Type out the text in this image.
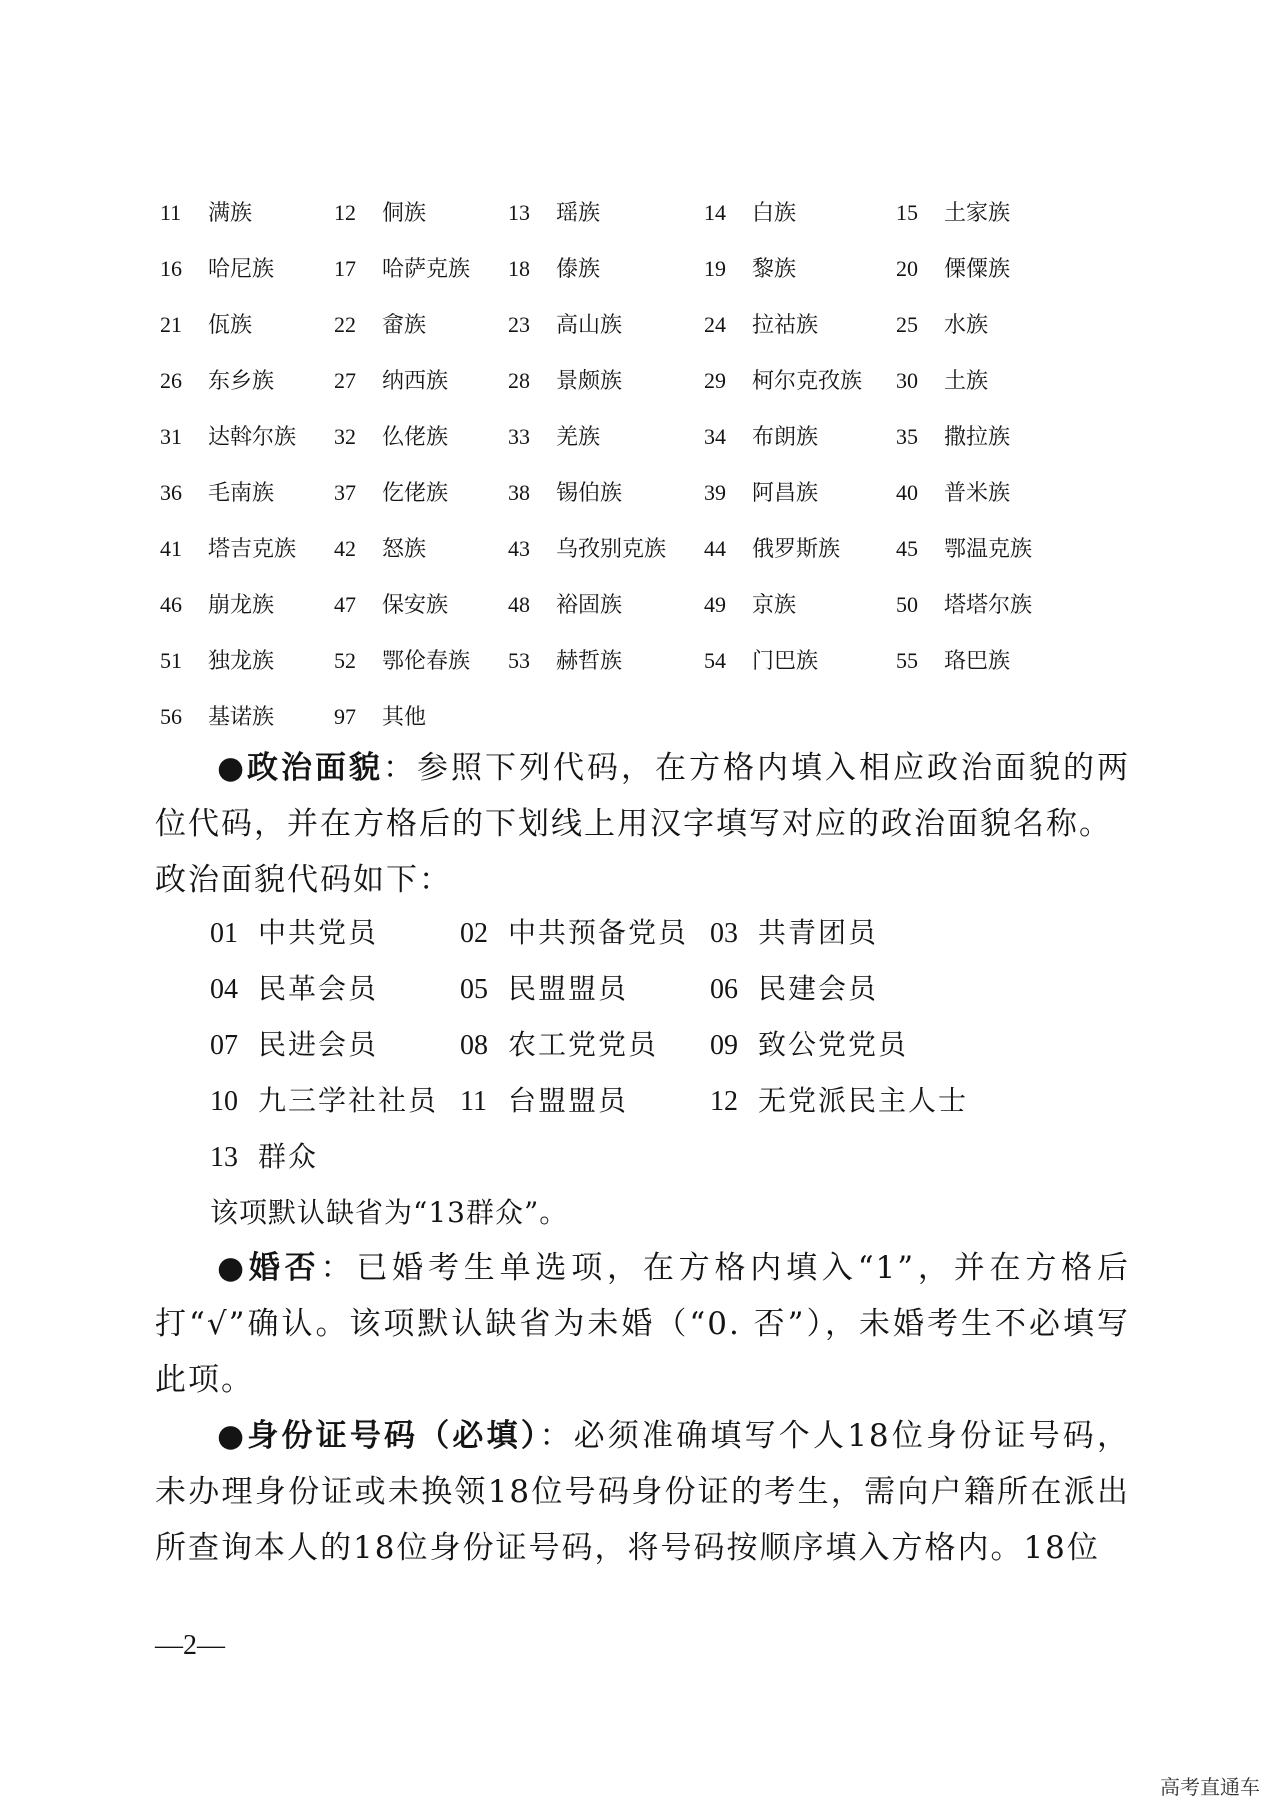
11 满族	12 侗族	13 瑶族	14 白族	15 土家族
16 哈尼族	17 哈萨克族	18 傣族	19 黎族	20 傈僳族
21 佤族	22 畲族	23 高山族	24 拉祜族	25 水族
26 东乡族	27 纳西族	28 景颇族	29 柯尔克孜族	30 土族
31 达斡尔族	32 仫佬族	33 羌族	34 布朗族	35 撒拉族
36 毛南族	37 仡佬族	38 锡伯族	39 阿昌族	40 普米族
41 塔吉克族	42 怒族	43 乌孜别克族	44 俄罗斯族	45 鄂温克族
46 崩龙族	47 保安族	48 裕固族	49 京族	50 塔塔尔族
51 独龙族	52 鄂伦春族	53 赫哲族	54 门巴族	55 珞巴族
56 基诺族	97 其他

●政治面貌：参照下列代码，在方格内填入相应政治面貌的两位代码，并在方格后的下划线上用汉字填写对应的政治面貌名称。

政治面貌代码如下：

01 中共党员	02 中共预备党员 03 共青团员
04 民革会员	05 民盟盟员	06 民建会员
07 民进会员	08 农工党党员	09 致公党党员
10 九三学社社员 11 台盟盟员	12 无党派民主人士
13 群众
该项默认缺省为“13群众”。

●婚否：已婚考生单选项，在方格内填入“1”，并在方格后打“√”确认。该项默认缺省为未婚（“0. 否”），未婚考生不必填写此项。

●身份证号码（必填）：必须准确填写个人18位身份证号码，未办理身份证或未换领18位号码身份证的考生，需向户籍所在派出所查询本人的18位身份证号码，将号码按顺序填入方格内。18位

—2—
高考直通车
